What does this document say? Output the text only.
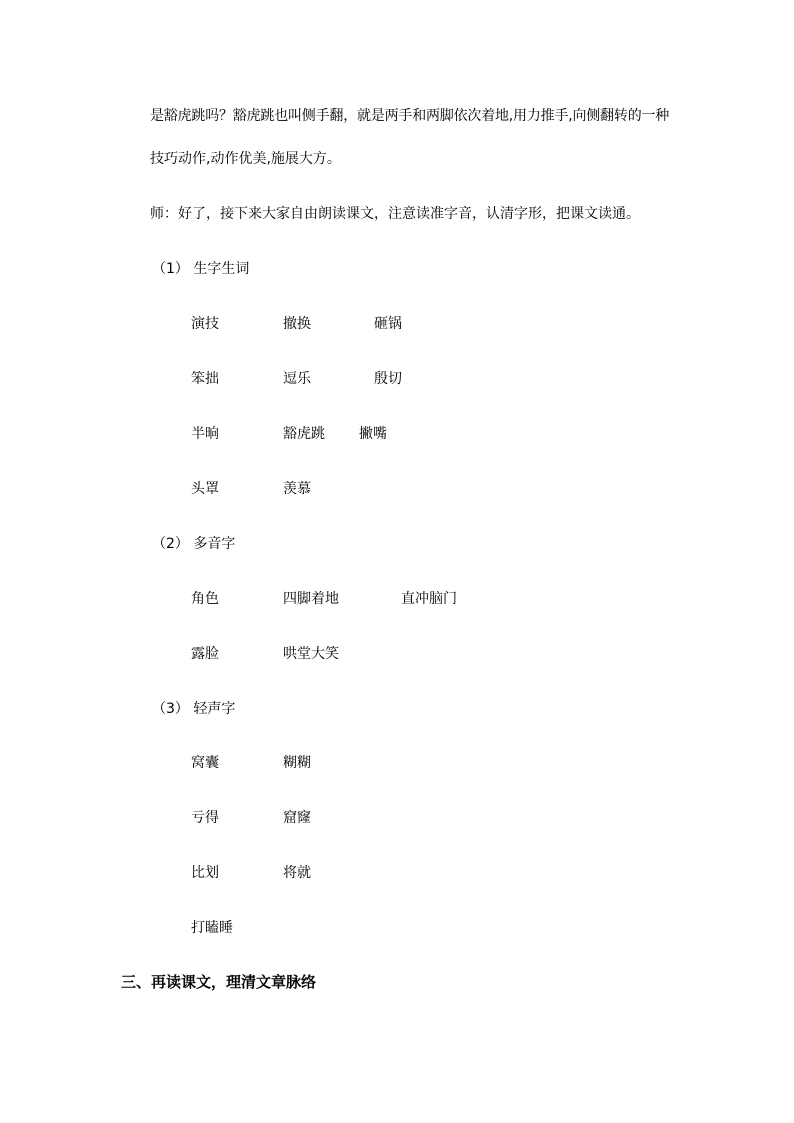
是豁虎跳吗？豁虎跳也叫侧手翻，就是两手和两脚依次着地,用力推手,向侧翻转的一种
技巧动作,动作优美,施展大方。
师：好了，接下来大家自由朗读课文，注意读准字音，认清字形，把课文读通。
（1） 生字生词
演技	撤换	砸锅
笨拙	逗乐	殷切
半晌	豁虎跳 撇嘴
头罩	羡慕
（2） 多音字
角色	四脚着地	直冲脑门
露脸	哄堂大笑
（3） 轻声字
窝囊	糊糊
亏得	窟窿
比划	将就
打瞌睡
三、再读课文，理清文章脉络
